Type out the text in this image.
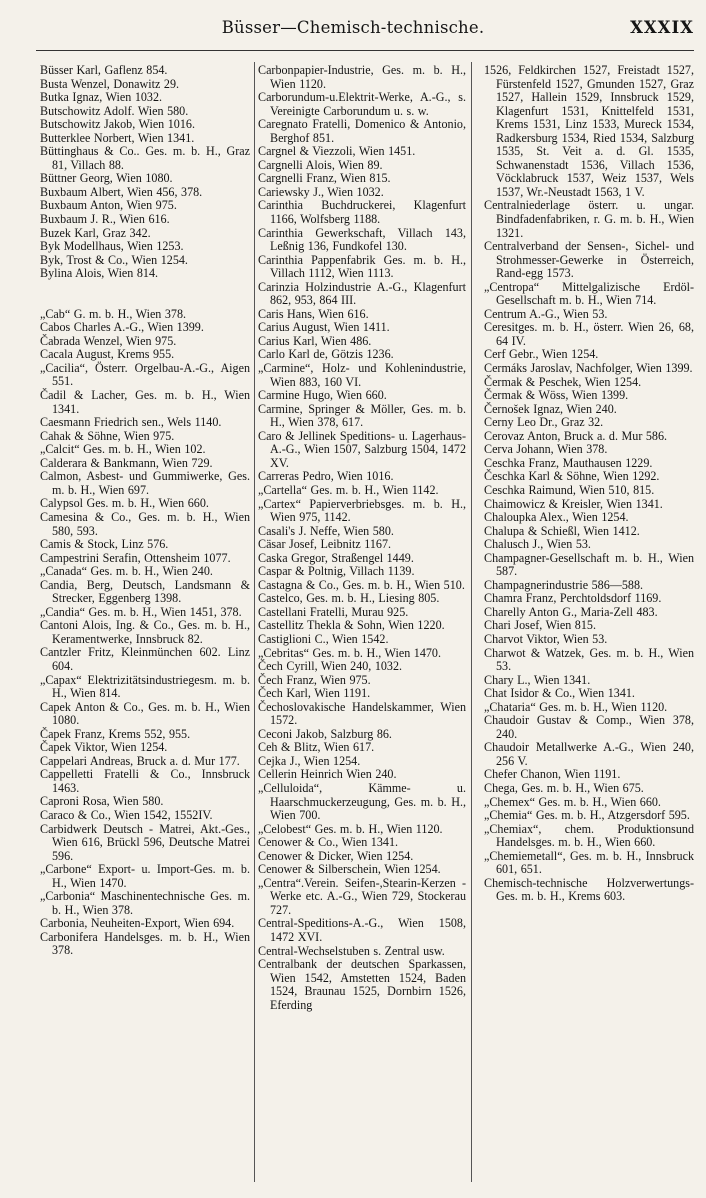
Büsser—Chemisch-technische.	XXXIX
Büsser Karl, Gaflenz 854.
Busta Wenzel, Donawitz 29.
Butka Ignaz, Wien 1032.
Butschowitz Adolf. Wien 580.
Butschowitz Jakob, Wien 1016.
Butterklee Norbert, Wien 1341.
Büttinghaus & Co.. Ges. m. b. H., Graz 81, Villach 88.
Büttner Georg, Wien 1080.
Buxbaum Albert, Wien 456, 378.
Buxbaum Anton, Wien 975.
Buxbaum J. R., Wien 616.
Buzek Karl, Graz 342.
Byk Modellhaus, Wien 1253.
Byk, Trost & Co., Wien 1254.
Bylina Alois, Wien 814.
„Cab“ G. m. b. H., Wien 378.
Cabos Charles A.-G., Wien 1399.
Čabrada Wenzel, Wien 975.
Cacala August, Krems 955.
„Cacilia“, Österr. Orgelbau-A.-G., Aigen 551.
Čadil & Lacher, Ges. m. b. H., Wien 1341.
Caesmann Friedrich sen., Wels 1140.
Cahak & Söhne, Wien 975.
„Calcit“ Ges. m. b. H., Wien 102.
Calderara & Bankmann, Wien 729.
Calmon, Asbest- und Gummiwerke, Ges. m. b. H., Wien 697.
Calypsol Ges. m. b. H., Wien 660.
Camesina & Co., Ges. m. b. H., Wien 580, 593.
Camis & Stock, Linz 576.
Campestrini Serafin, Ottensheim 1077.
„Canada“ Ges. m. b. H., Wien 240.
Candia, Berg, Deutsch, Landsmann & Strecker, Eggenberg 1398.
„Candia“ Ges. m. b. H., Wien 1451, 378.
Cantoni Alois, Ing. & Co., Ges. m. b. H., Keramentwerke, Innsbruck 82.
Cantzler Fritz, Kleinmünchen 602. Linz 604.
„Capax“ Elektrizitätsindustriegesm. m. b. H., Wien 814.
Capek Anton & Co., Ges. m. b. H., Wien 1080.
Čapek Franz, Krems 552, 955.
Čapek Viktor, Wien 1254.
Cappelari Andreas, Bruck a. d. Mur 177.
Cappelletti Fratelli & Co., Innsbruck 1463.
Caproni Rosa, Wien 580.
Caraco & Co., Wien 1542, 1552IV.
Carbidwerk Deutsch - Matrei, Akt.-Ges., Wien 616, Brückl 596, Deutsche Matrei 596.
„Carbone“ Export- u. Import-Ges. m. b. H., Wien 1470.
„Carbonia“ Maschinentechnische Ges. m. b. H., Wien 378.
Carbonia, Neuheiten-Export, Wien 694.
Carbonifera Handelsges. m. b. H., Wien 378.
Carbonpapier-Industrie, Ges. m. b. H., Wien 1120.
Carborundum-u.Elektrit-Werke, A.-G., s. Vereinigte Carborundum u. s. w.
Caregnato Fratelli, Domenico & Antonio, Berghof 851.
Cargnel & Viezzoli, Wien 1451.
Cargnelli Alois, Wien 89.
Cargnelli Franz, Wien 815.
Cariewsky J., Wien 1032.
Carinthia Buchdruckerei, Klagenfurt 1166, Wolfsberg 1188.
Carinthia Gewerkschaft, Villach 143, Leßnig 136, Fundkofel 130.
Carinthia Pappenfabrik Ges. m. b. H., Villach 1112, Wien 1113.
Carinzia Holzindustrie A.-G., Klagenfurt 862, 953, 864 III.
Caris Hans, Wien 616.
Carius August, Wien 1411.
Carius Karl, Wien 486.
Carlo Karl de, Götzis 1236.
„Carmine“, Holz- und Kohlenindustrie, Wien 883, 160 VI.
Carmine Hugo, Wien 660.
Carmine, Springer & Möller, Ges. m. b. H., Wien 378, 617.
Caro & Jellinek Speditions- u. Lagerhaus-A.-G., Wien 1507, Salzburg 1504, 1472 XV.
Carreras Pedro, Wien 1016.
„Cartella“ Ges. m. b. H., Wien 1142.
„Cartex“ Papierverbriebsges. m. b. H., Wien 975, 1142.
Casali's J. Neffe, Wien 580.
Cäsar Josef, Leibnitz 1167.
Caska Gregor, Straßengel 1449.
Caspar & Poltnig, Villach 1139.
Castagna & Co., Ges. m. b. H., Wien 510.
Castelco, Ges. m. b. H., Liesing 805.
Castellani Fratelli, Murau 925.
Castellitz Thekla & Sohn, Wien 1220.
Castiglioni C., Wien 1542.
„Cebritas“ Ges. m. b. H., Wien 1470.
Čech Cyrill, Wien 240, 1032.
Čech Franz, Wien 975.
Čech Karl, Wien 1191.
Čechoslovakische Handelskammer, Wien 1572.
Ceconi Jakob, Salzburg 86.
Ceh & Blitz, Wien 617.
Cejka J., Wien 1254.
Cellerin Heinrich Wien 240.
„Celluloida“, Kämme- u. Haarschmuckerzeugung, Ges. m. b. H., Wien 700.
„Celobest“ Ges. m. b. H., Wien 1120.
Cenower & Co., Wien 1341.
Cenower & Dicker, Wien 1254.
Cenower & Silberschein, Wien 1254.
„Centra“.Verein. Seifen-,Stearin-Kerzen - Werke etc. A.-G., Wien 729, Stockerau 727.
Central-Speditions-A.-G., Wien 1508, 1472 XVI.
Central-Wechselstuben s. Zentral usw.
Centralbank der deutschen Sparkassen, Wien 1542, Amstetten 1524, Baden 1524, Braunau 1525, Dornbirn 1526, Eferding
1526, Feldkirchen 1527, Freistadt 1527, Fürstenfeld 1527, Gmunden 1527, Graz 1527, Hallein 1529, Innsbruck 1529, Klagenfurt 1531, Knittelfeld 1531, Krems 1531, Linz 1533, Mureck 1534, Radkersburg 1534, Ried 1534, Salzburg 1535, St. Veit a. d. Gl. 1535, Schwanenstadt 1536, Villach 1536, Vöcklabruck 1537, Weiz 1537, Wels 1537, Wr.-Neustadt 1563, 1 V.
Centralniederlage österr. u. ungar. Bindfadenfabriken, r. G. m. b. H., Wien 1321.
Centralverband der Sensen-, Sichel- und Strohmesser-Gewerke in Österreich, Rand-egg 1573.
„Centropa“ Mittelgalizische Erdöl-Gesellschaft m. b. H., Wien 714.
Centrum A.-G., Wien 53.
Ceresitges. m. b. H., österr. Wien 26, 68, 64 IV.
Cerf Gebr., Wien 1254.
Cermáks Jaroslav, Nachfolger, Wien 1399.
Čermak & Peschek, Wien 1254.
Čermak & Wöss, Wien 1399.
Černošek Ignaz, Wien 240.
Cerny Leo Dr., Graz 32.
Cerovaz Anton, Bruck a. d. Mur 586.
Cerva Johann, Wien 378.
Ceschka Franz, Mauthausen 1229.
Česchka Karl & Söhne, Wien 1292.
Ceschka Raimund, Wien 510, 815.
Chaimowicz & Kreisler, Wien 1341.
Chaloupka Alex., Wien 1254.
Chalupa & Schießl, Wien 1412.
Chalusch J., Wien 53.
Champagner-Gesellschaft m. b. H., Wien 587.
Champagnerindustrie 586—588.
Chamra Franz, Perchtoldsdorf 1169.
Charelly Anton G., Maria-Zell 483.
Chari Josef, Wien 815.
Charvot Viktor, Wien 53.
Charwot & Watzek, Ges. m. b. H., Wien 53.
Chary L., Wien 1341.
Chat Isidor & Co., Wien 1341.
„Chataria“ Ges. m. b. H., Wien 1120.
Chaudoir Gustav & Comp., Wien 378, 240.
Chaudoir Metallwerke A.-G., Wien 240, 256 V.
Chefer Chanon, Wien 1191.
Chega, Ges. m. b. H., Wien 675.
„Chemex“ Ges. m. b. H., Wien 660.
„Chemia“ Ges. m. b. H., Atzgersdorf 595.
„Chemiax“, chem. Produktionsund Handelsges. m. b. H., Wien 660.
„Chemiemetall“, Ges. m. b. H., Innsbruck 601, 651.
Chemisch-technische Holzverwertungs-Ges. m. b. H., Krems 603.
